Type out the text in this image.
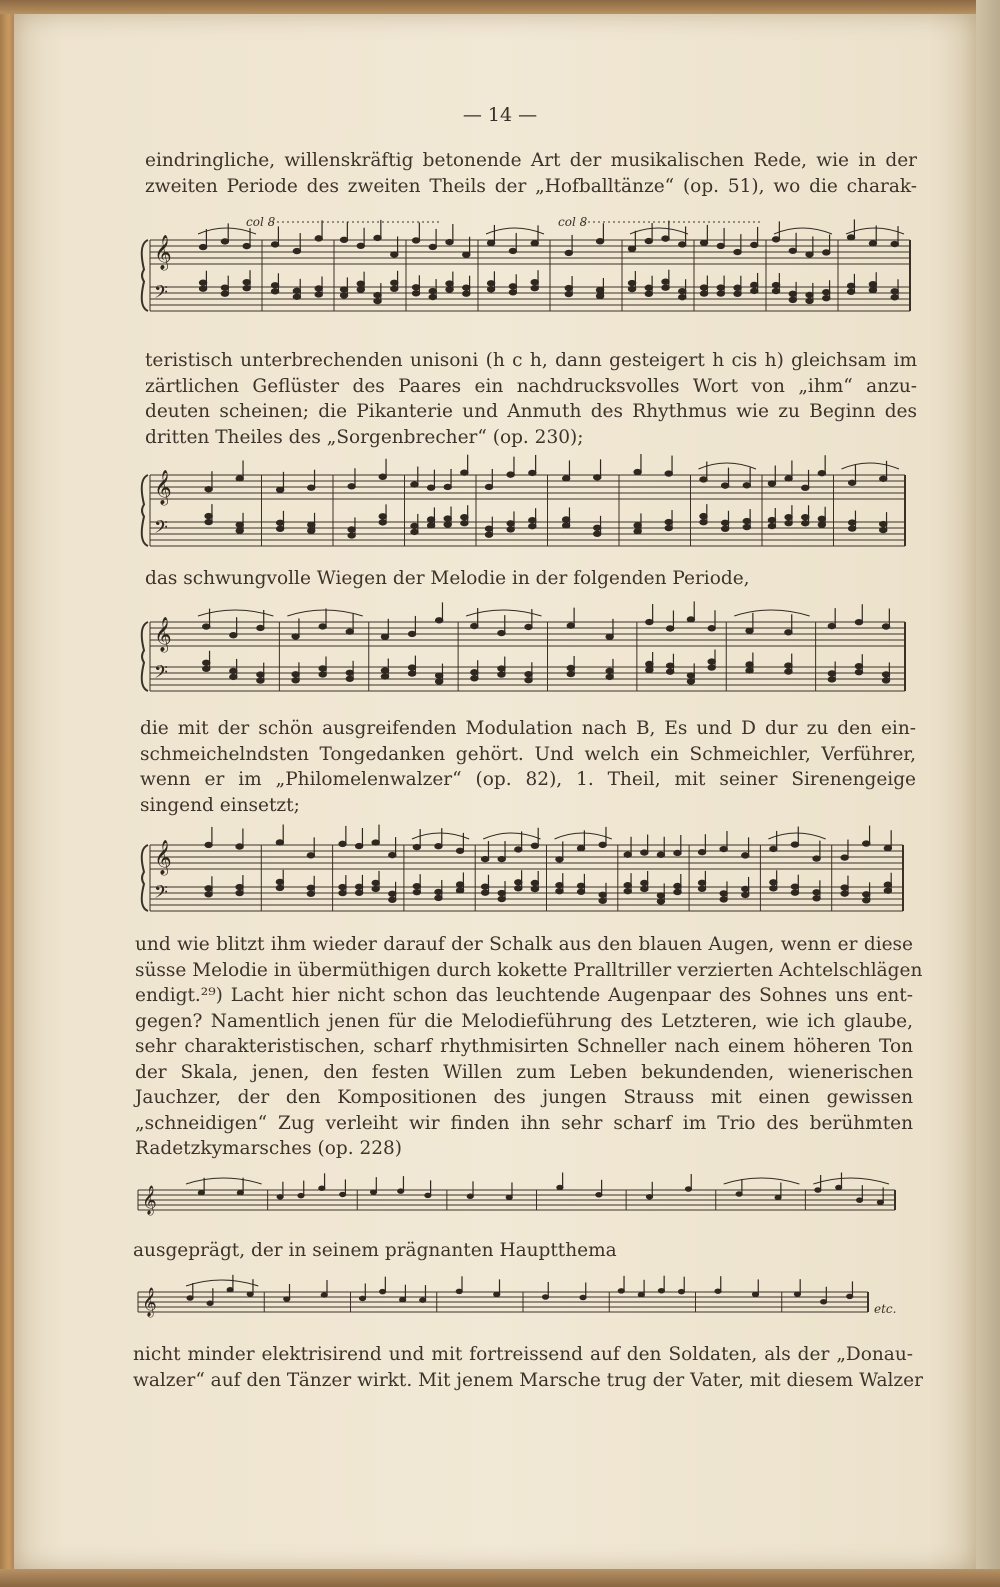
— 14 —
eindringliche, willenskräftig betonende Art der musikalischen Rede, wie in der
zweiten Periode des zweiten Theils der „Hofballtänze“ (op. 51), wo die charak-
teristisch unterbrechenden unisoni (h c h, dann gesteigert h cis h) gleichsam im
zärtlichen Geflüster des Paares ein nachdrucksvolles Wort von „ihm“ anzu-
deuten scheinen; die Pikanterie und Anmuth des Rhythmus wie zu Beginn des
dritten Theiles des „Sorgenbrecher“ (op. 230);
das schwungvolle Wiegen der Melodie in der folgenden Periode,
die mit der schön ausgreifenden Modulation nach B, Es und D dur zu den ein-
schmeichelndsten Tongedanken gehört. Und welch ein Schmeichler, Verführer,
wenn er im „Philomelenwalzer“ (op. 82), 1. Theil, mit seiner Sirenengeige
singend einsetzt;
und wie blitzt ihm wieder darauf der Schalk aus den blauen Augen, wenn er diese
süsse Melodie in übermüthigen durch kokette Pralltriller verzierten Achtelschlägen
endigt.²⁹) Lacht hier nicht schon das leuchtende Augenpaar des Sohnes uns ent-
gegen? Namentlich jenen für die Melodieführung des Letzteren, wie ich glaube,
sehr charakteristischen, scharf rhythmisirten Schneller nach einem höheren Ton
der Skala, jenen, den festen Willen zum Leben bekundenden, wienerischen
Jauchzer, der den Kompositionen des jungen Strauss mit einen gewissen
„schneidigen“ Zug verleiht wir finden ihn sehr scharf im Trio des berühmten
Radetzkymarsches (op. 228)
ausgeprägt, der in seinem prägnanten Hauptthema
nicht minder elektrisirend und mit fortreissend auf den Soldaten, als der „Donau-
walzer“ auf den Tänzer wirkt. Mit jenem Marsche trug der Vater, mit diesem Walzer
𝄞
𝄢
𝄞
𝄢
𝄞
𝄢
𝄞
𝄢
𝄞
𝄞
col 8	col 8
etc.
